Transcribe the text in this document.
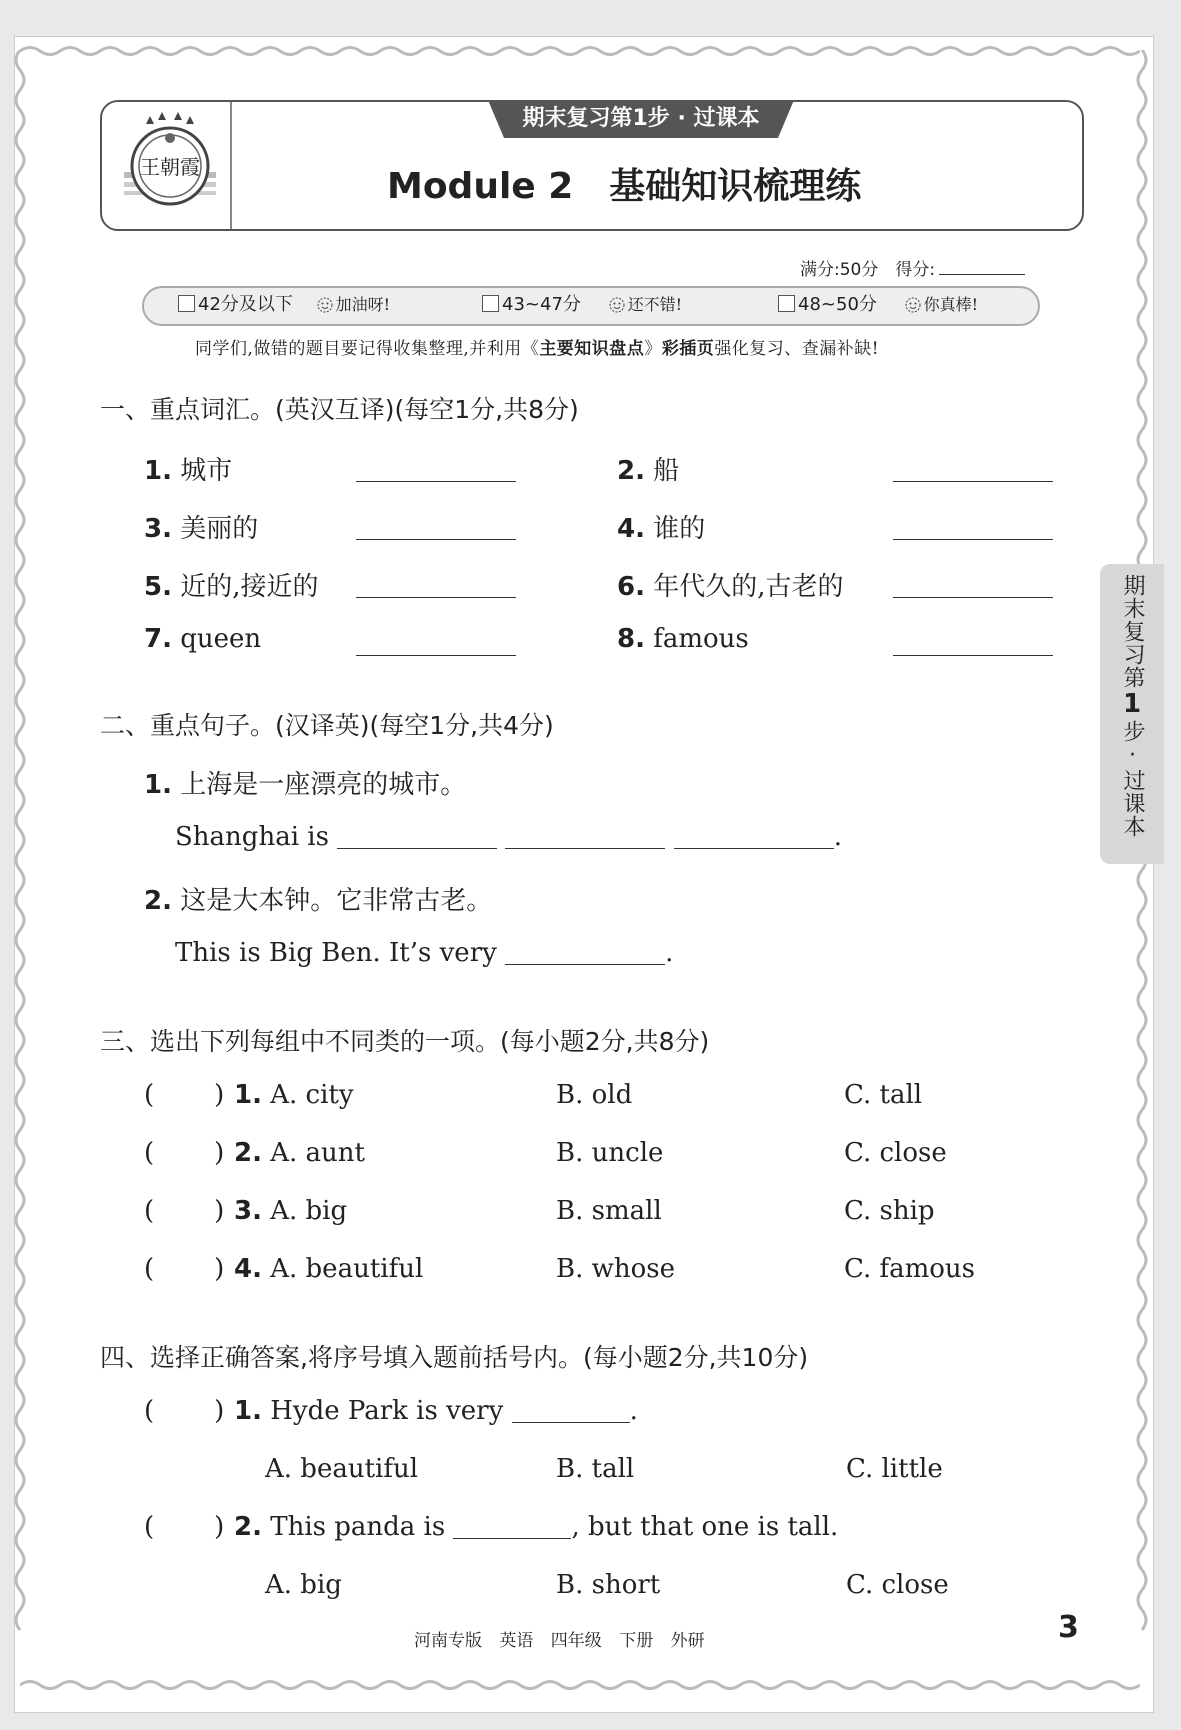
王朝霞
期末复习第1步 · 过课本
Module 2　基础知识梳理练
满分:50分　得分:
42分及以下	加油呀!	43~47分	还不错!	48~50分	你真棒!
同学们,做错的题目要记得收集整理,并利用《主要知识盘点》彩插页强化复习、查漏补缺!
一、重点词汇。(英汉互译)(每空1分,共8分)
1. 城市	2. 船
3. 美丽的	4. 谁的
5. 近的,接近的	6. 年代久的,古老的
7. queen	8. famous
二、重点句子。(汉译英)(每空1分,共4分)
1. 上海是一座漂亮的城市。
Shanghai is	.
2. 这是大本钟。它非常古老。
This is Big Ben. It’s very	.
三、选出下列每组中不同类的一项。(每小题2分,共8分)
( ) 1. A. city	B. old	C. tall
( ) 2. A. aunt	B. uncle	C. close
( ) 3. A. big	B. small	C. ship
( ) 4. A. beautiful	B. whose	C. famous
四、选择正确答案,将序号填入题前括号内。(每小题2分,共10分)
( ) 1. Hyde Park is very	.
A. beautiful	B. tall	C. little
( ) 2. This panda is	, but that one is tall.
A. big	B. short	C. close
期末复习第1步·过课本
河南专版 英语 四年级 下册 外研	3
